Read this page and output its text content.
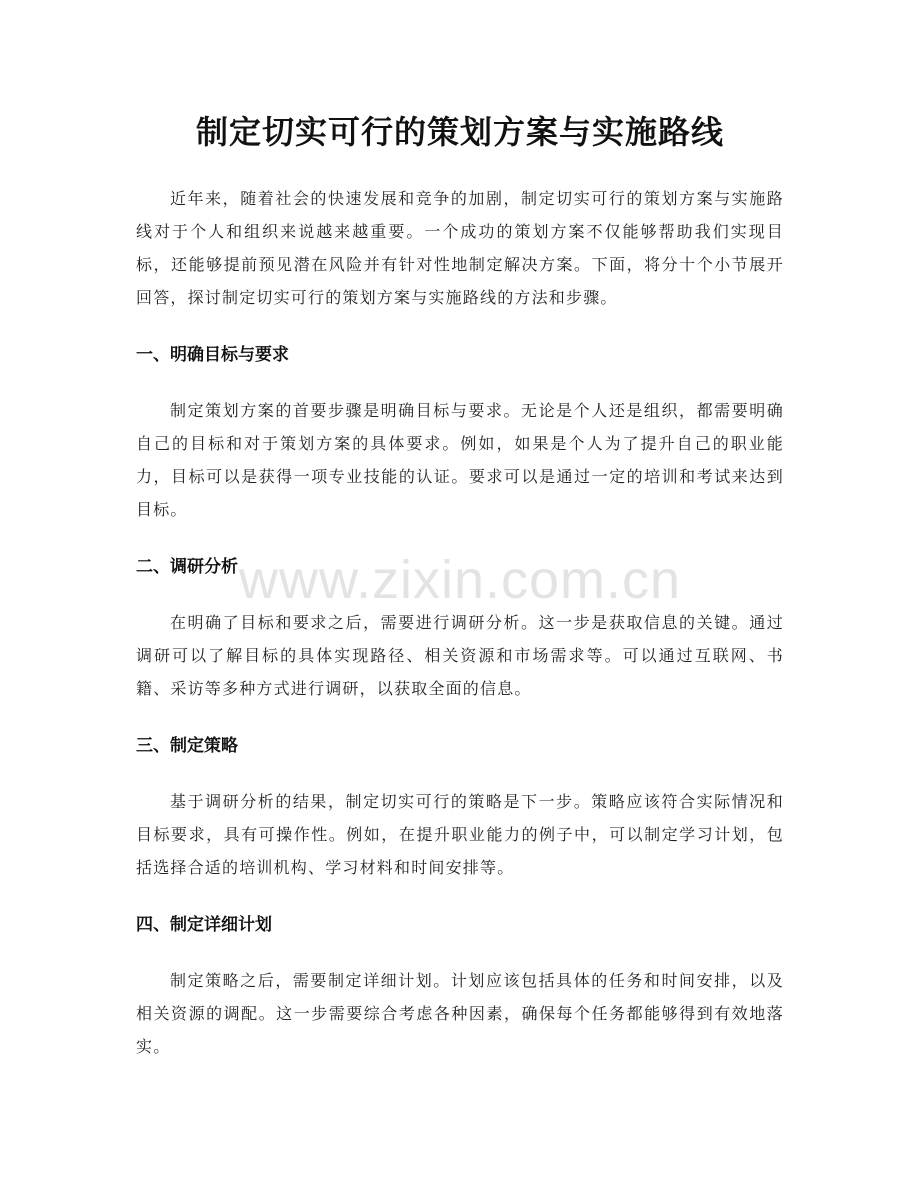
制定切实可行的策划方案与实施路线

近年来，随着社会的快速发展和竞争的加剧，制定切实可行的策划方案与实施路线对于个人和组织来说越来越重要。一个成功的策划方案不仅能够帮助我们实现目标，还能够提前预见潜在风险并有针对性地制定解决方案。下面，将分十个小节展开回答，探讨制定切实可行的策划方案与实施路线的方法和步骤。

一、明确目标与要求

制定策划方案的首要步骤是明确目标与要求。无论是个人还是组织，都需要明确自己的目标和对于策划方案的具体要求。例如，如果是个人为了提升自己的职业能力，目标可以是获得一项专业技能的认证。要求可以是通过一定的培训和考试来达到目标。

二、调研分析

在明确了目标和要求之后，需要进行调研分析。这一步是获取信息的关键。通过调研可以了解目标的具体实现路径、相关资源和市场需求等。可以通过互联网、书籍、采访等多种方式进行调研，以获取全面的信息。

三、制定策略

基于调研分析的结果，制定切实可行的策略是下一步。策略应该符合实际情况和目标要求，具有可操作性。例如，在提升职业能力的例子中，可以制定学习计划，包括选择合适的培训机构、学习材料和时间安排等。

四、制定详细计划

制定策略之后，需要制定详细计划。计划应该包括具体的任务和时间安排，以及相关资源的调配。这一步需要综合考虑各种因素，确保每个任务都能够得到有效地落实。

www.zixin.com.cn
